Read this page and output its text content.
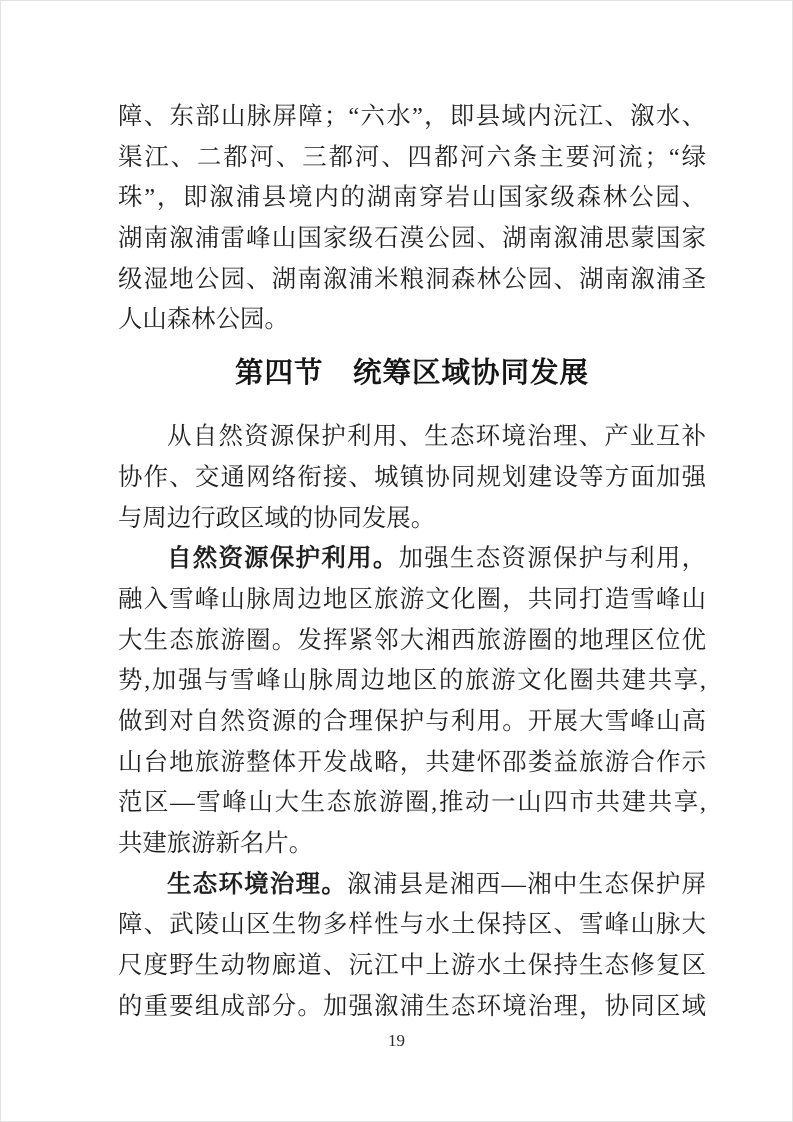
障、东部山脉屏障；“六水”，即县域内沅江、溆水、
渠江、二都河、三都河、四都河六条主要河流；“绿
珠”，即溆浦县境内的湖南穿岩山国家级森林公园、
湖南溆浦雷峰山国家级石漠公园、湖南溆浦思蒙国家
级湿地公园、湖南溆浦米粮洞森林公园、湖南溆浦圣
人山森林公园。
第四节　统筹区域协同发展
从自然资源保护利用、生态环境治理、产业互补
协作、交通网络衔接、城镇协同规划建设等方面加强
与周边行政区域的协同发展。
自然资源保护利用。加强生态资源保护与利用，
融入雪峰山脉周边地区旅游文化圈，共同打造雪峰山
大生态旅游圈。发挥紧邻大湘西旅游圈的地理区位优
势,加强与雪峰山脉周边地区的旅游文化圈共建共享,
做到对自然资源的合理保护与利用。开展大雪峰山高
山台地旅游整体开发战略，共建怀邵娄益旅游合作示
范区—雪峰山大生态旅游圈,推动一山四市共建共享,
共建旅游新名片。
生态环境治理。溆浦县是湘西—湘中生态保护屏
障、武陵山区生物多样性与水土保持区、雪峰山脉大
尺度野生动物廊道、沅江中上游水土保持生态修复区
的重要组成部分。加强溆浦生态环境治理，协同区域
19
